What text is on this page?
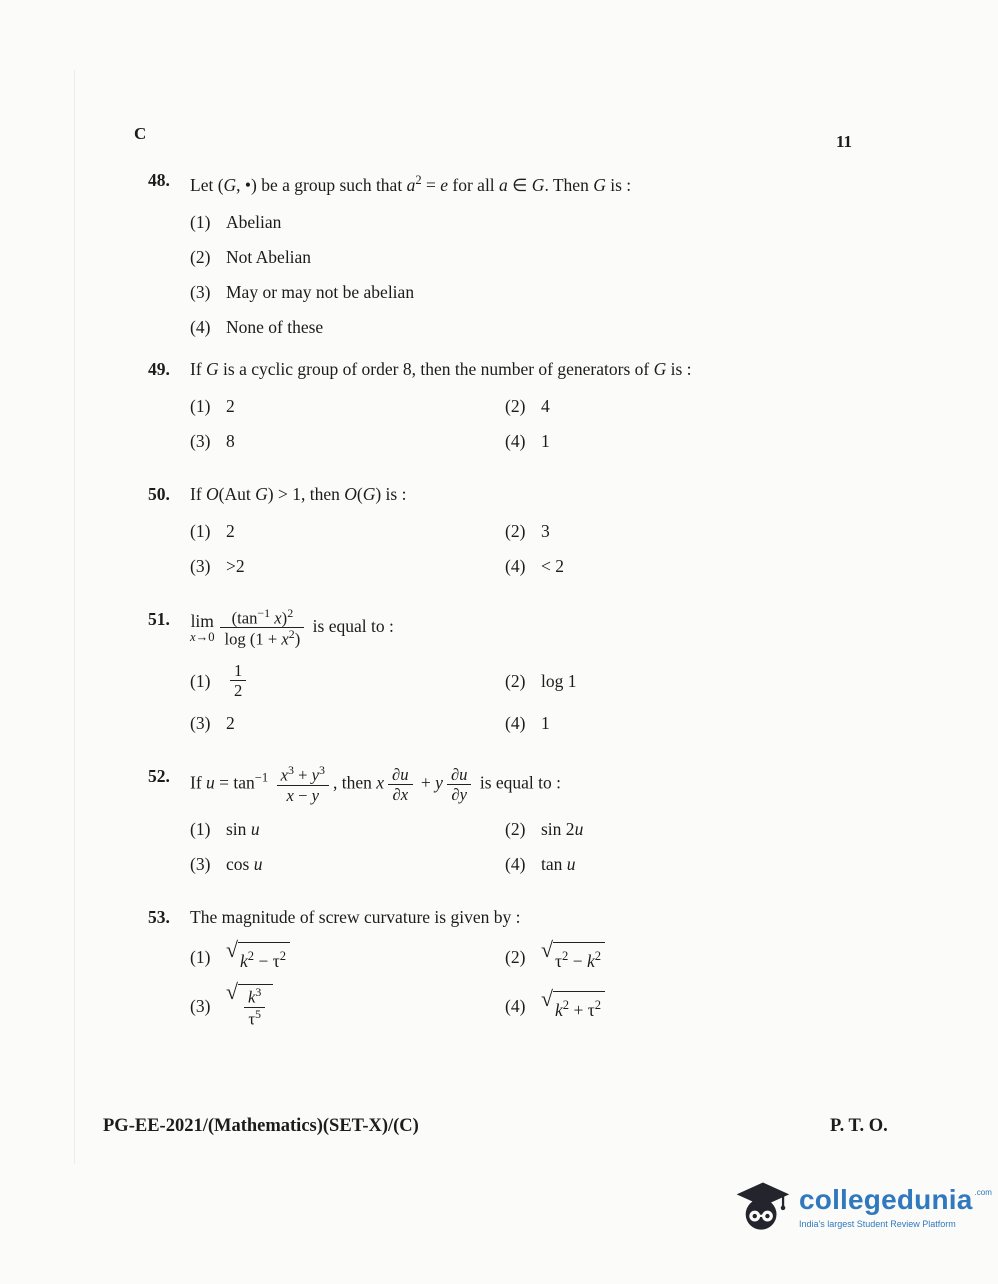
C	11
48.	Let (G, •) be a group such that $a^2 = e$ for all a ∈ G. Then G is :
(1) Abelian
(2) Not Abelian
(3) May or may not be abelian
(4) None of these
49.	If G is a cyclic group of order 8, then the number of generators of G is :
(1) 2	(2) 4
(3) 8	(4) 1
50.	If O(Aut G) > 1, then O(G) is :
(1) 2	(2) 3
(3) >2	(4) < 2
51.	lim
$x\to 0 \frac{(\tan^{-1} x)^2}{\log (1 + x^2)}$ is equal to :
(1)	$\frac{1}{2}$	(2) log 1
(3) 2	(4) 1
52.	If $u = \tan^{-1} \frac{x^3 + y^3}{x - y}$ , then x $\frac{\partial u}{\partial x} + y \frac{\partial u}{\partial y}$ is equal to :
(1) sin u	(2) sin 2u
(3) cos u	(4) tan u
53.	The magnitude of screw curvature is given by :
(1) √ $k^2 - \tau^2$	(2) √ $\tau^2 - k^2$
(3)
√ $\frac{k^3}{\tau^5}$	(4) √ $k^2 + \tau^2$
PG-EE-2021/(Mathematics)(SET-X)/(C)	P. T. O.
collegedunia .com
India's largest Student Review Platform
